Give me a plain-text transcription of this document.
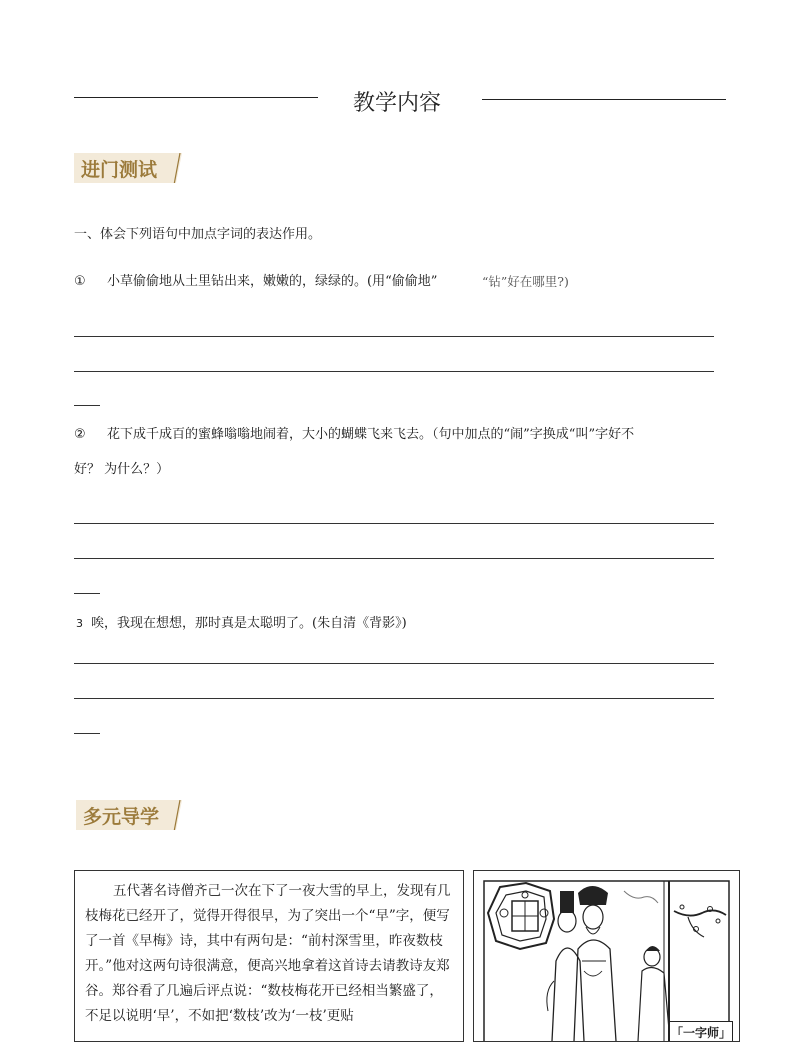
教学内容
进门测试
一、体会下列语句中加点字词的表达作用。
① 小草偷偷地从土里钻出来，嫩嫩的，绿绿的。(用“偷偷地”	“钻”好在哪里?)
② 花下成千成百的蜜蜂嗡嗡地闹着，大小的蝴蝶飞来飞去。（句中加点的“闹”字换成“叫”字好不
好？ 为什么？）
3 唉，我现在想想，那时真是太聪明了。(朱自清《背影》)
多元导学
五代著名诗僧齐己一次在下了一夜大雪的早上，发现有几枝梅花已经开了，觉得开得很早，为了突出一个“早”字，便写了一首《早梅》诗，其中有两句是：“前村深雪里，昨夜数枝开。”他对这两句诗很满意，便高兴地拿着这首诗去请教诗友郑谷。郑谷看了几遍后评点说：“数枝梅花开已经相当繁盛了，不足以说明‘早’，不如把‘数枝’改为‘一枝’更贴
「一字师」
